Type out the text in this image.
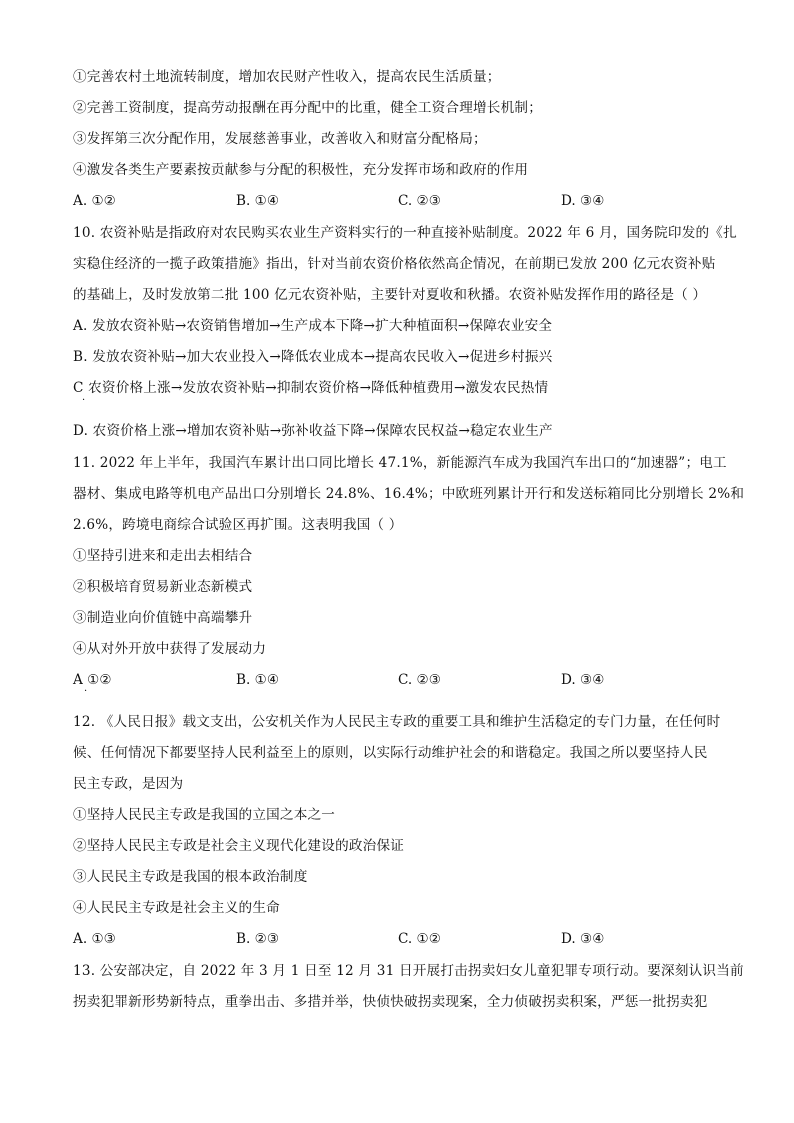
①完善农村土地流转制度，增加农民财产性收入，提高农民生活质量；
②完善工资制度，提高劳动报酬在再分配中的比重，健全工资合理增长机制；
③发挥第三次分配作用，发展慈善事业，改善收入和财富分配格局；
④激发各类生产要素按贡献参与分配的积极性，充分发挥市场和政府的作用
A. ①②	B. ①④	C. ②③	D. ③④
10. 农资补贴是指政府对农民购买农业生产资料实行的一种直接补贴制度。2022 年 6 月，国务院印发的《扎
实稳住经济的一揽子政策措施》指出，针对当前农资价格依然高企情况，在前期已发放 200 亿元农资补贴
的基础上，及时发放第二批 100 亿元农资补贴，主要针对夏收和秋播。农资补贴发挥作用的路径是（ ）
A. 发放农资补贴→农资销售增加→生产成本下降→扩大种植面积→保障农业安全
B. 发放农资补贴→加大农业投入→降低农业成本→提高农民收入→促进乡村振兴
C 农资价格上涨→发放农资补贴→抑制农资价格→降低种植费用→激发农民热情
·
D. 农资价格上涨→增加农资补贴→弥补收益下降→保障农民权益→稳定农业生产
11. 2022 年上半年，我国汽车累计出口同比增长 47.1%，新能源汽车成为我国汽车出口的“加速器”；电工
器材、集成电路等机电产品出口分别增长 24.8%、16.4%；中欧班列累计开行和发送标箱同比分别增长 2%和
2.6%，跨境电商综合试验区再扩围。这表明我国（ ）
①坚持引进来和走出去相结合
②积极培育贸易新业态新模式
③制造业向价值链中高端攀升
④从对外开放中获得了发展动力
A ①②	B. ①④	C. ②③	D. ③④
·
12. 《人民日报》载文支出，公安机关作为人民民主专政的重要工具和维护生活稳定的专门力量，在任何时
候、任何情况下都要坚持人民利益至上的原则，以实际行动维护社会的和谐稳定。我国之所以要坚持人民
民主专政，是因为
①坚持人民民主专政是我国的立国之本之一
②坚持人民民主专政是社会主义现代化建设的政治保证
③人民民主专政是我国的根本政治制度
④人民民主专政是社会主义的生命
A. ①③	B. ②③	C. ①②	D. ③④
13. 公安部决定，自 2022 年 3 月 1 日至 12 月 31 日开展打击拐卖妇女儿童犯罪专项行动。要深刻认识当前
拐卖犯罪新形势新特点，重拳出击、多措并举，快侦快破拐卖现案，全力侦破拐卖积案，严惩一批拐卖犯
